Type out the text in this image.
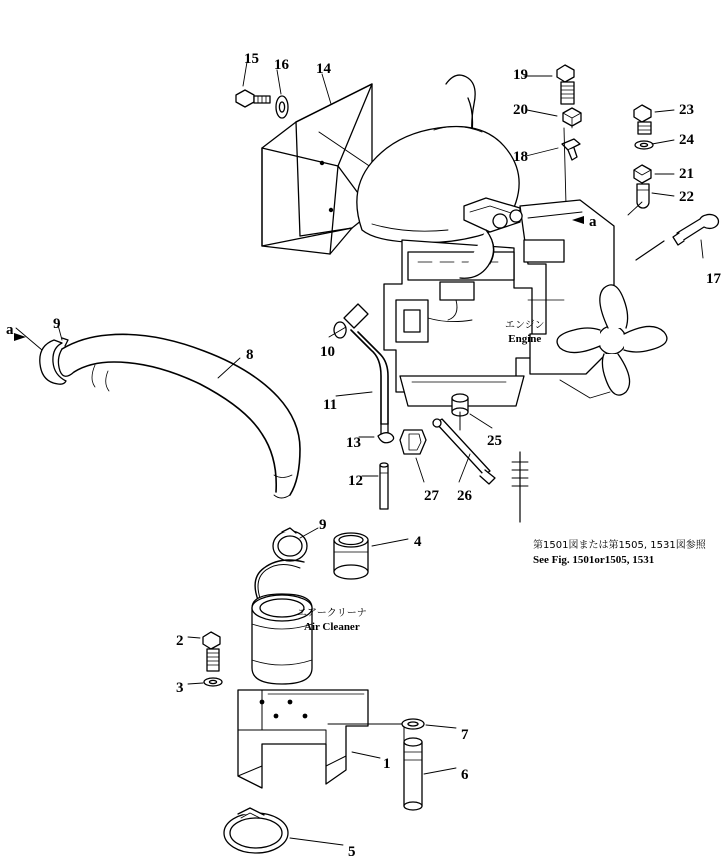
15 16 14	19
20	23
24
18
21
22
a
17
9
a
10
8
11
13	25
12
27 26
9
4
2
3
7
1
6
5
エンジン
Engine
エアークリーナ
Air Cleaner
第1501図または第1505, 1531図参照
See Fig. 1501or1505, 1531
